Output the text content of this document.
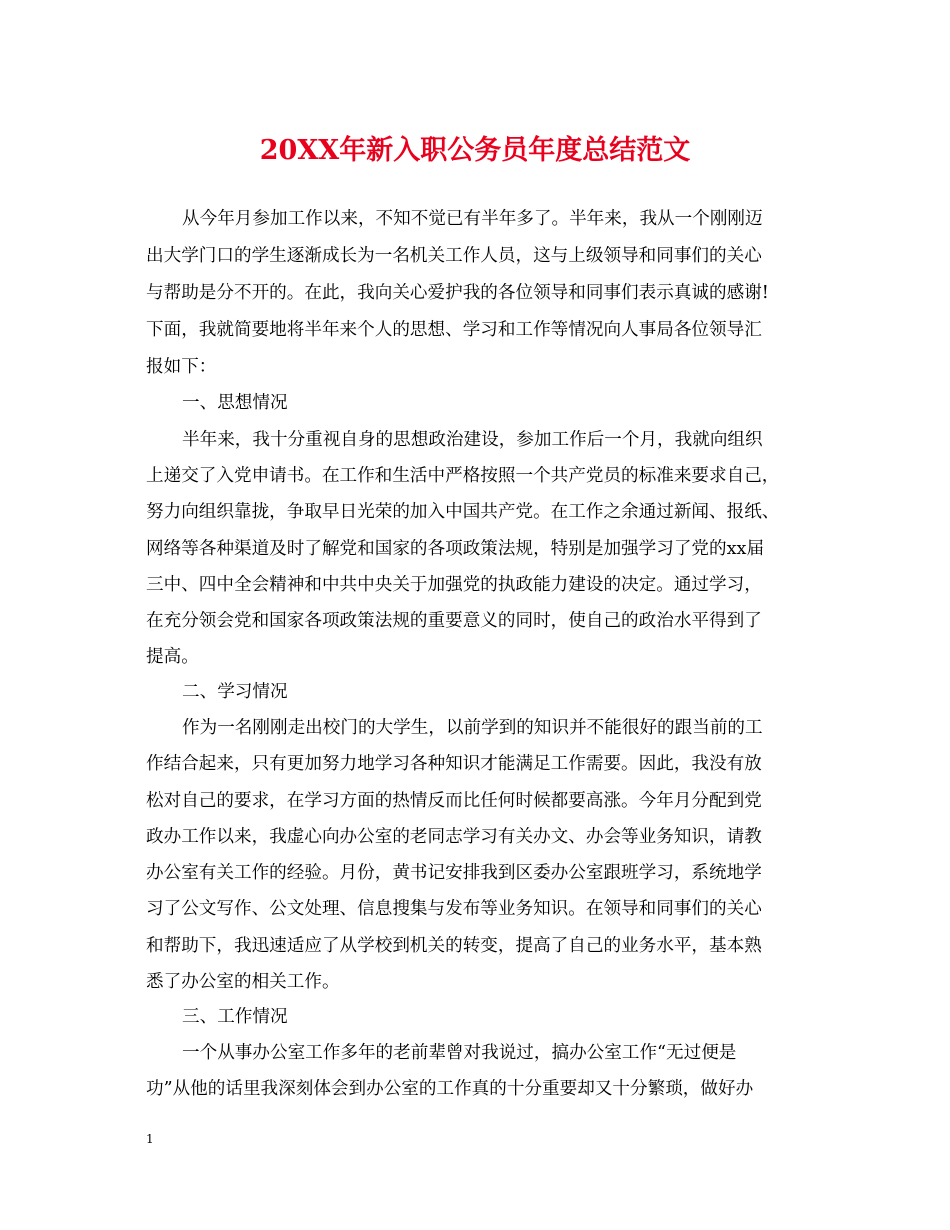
20XX年新入职公务员年度总结范文
从今年月参加工作以来，不知不觉已有半年多了。半年来，我从一个刚刚迈
出大学门口的学生逐渐成长为一名机关工作人员，这与上级领导和同事们的关心
与帮助是分不开的。在此，我向关心爱护我的各位领导和同事们表示真诚的感谢!
下面，我就简要地将半年来个人的思想、学习和工作等情况向人事局各位领导汇
报如下：
一、思想情况
半年来，我十分重视自身的思想政治建设，参加工作后一个月，我就向组织
上递交了入党申请书。在工作和生活中严格按照一个共产党员的标准来要求自己，
努力向组织靠拢，争取早日光荣的加入中国共产党。在工作之余通过新闻、报纸、
网络等各种渠道及时了解党和国家的各项政策法规，特别是加强学习了党的xx届
三中、四中全会精神和中共中央关于加强党的执政能力建设的决定。通过学习，
在充分领会党和国家各项政策法规的重要意义的同时，使自己的政治水平得到了
提高。
二、学习情况
作为一名刚刚走出校门的大学生，以前学到的知识并不能很好的跟当前的工
作结合起来，只有更加努力地学习各种知识才能满足工作需要。因此，我没有放
松对自己的要求，在学习方面的热情反而比任何时候都要高涨。今年月分配到党
政办工作以来，我虚心向办公室的老同志学习有关办文、办会等业务知识，请教
办公室有关工作的经验。月份，黄书记安排我到区委办公室跟班学习，系统地学
习了公文写作、公文处理、信息搜集与发布等业务知识。在领导和同事们的关心
和帮助下，我迅速适应了从学校到机关的转变，提高了自己的业务水平，基本熟
悉了办公室的相关工作。
三、工作情况
一个从事办公室工作多年的老前辈曾对我说过，搞办公室工作“无过便是
功”从他的话里我深刻体会到办公室的工作真的十分重要却又十分繁琐，做好办
1
